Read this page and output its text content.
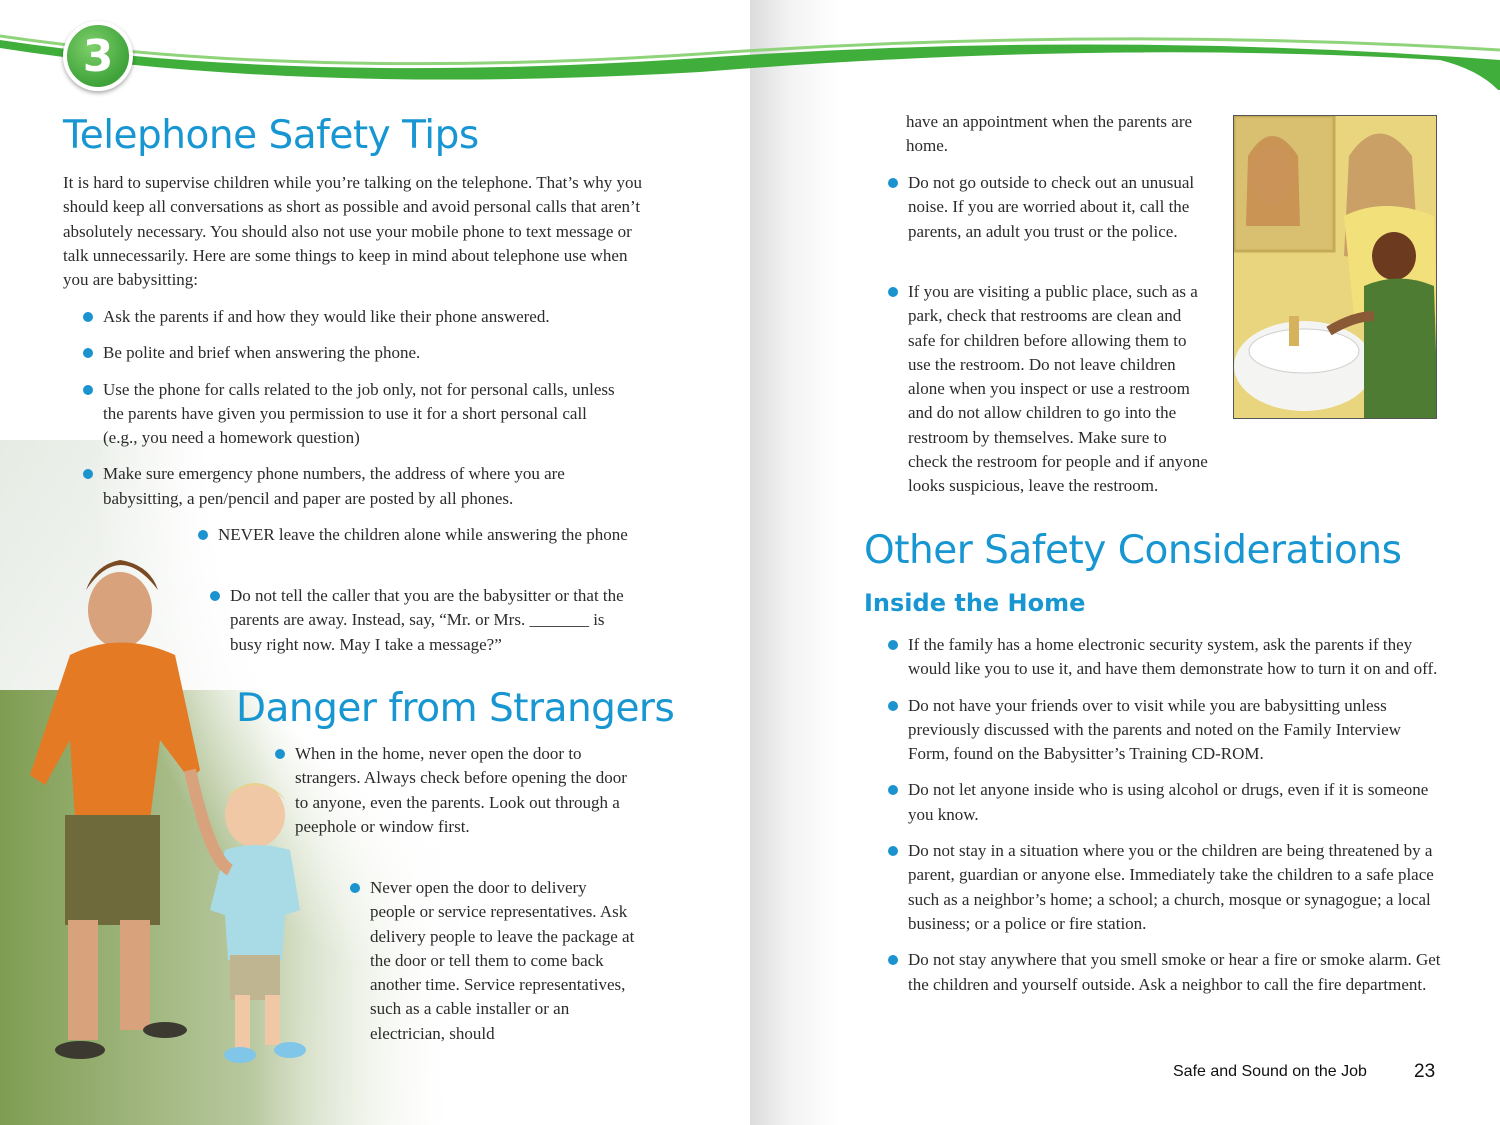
Telephone Safety Tips
It is hard to supervise children while you’re talking on the telephone. That’s why you should keep all conversations as short as possible and avoid personal calls that aren’t absolutely necessary. You should also not use your mobile phone to text message or talk unnecessarily. Here are some things to keep in mind about telephone use when you are babysitting:
Ask the parents if and how they would like their phone answered.
Be polite and brief when answering the phone.
Use the phone for calls related to the job only, not for personal calls, unless the parents have given you permission to use it for a short personal call (e.g., you need a homework question)
Make sure emergency phone numbers, the address of where you are babysitting, a pen/pencil and paper are posted by all phones.
NEVER leave the children alone while answering the phone
Do not tell the caller that you are the babysitter or that the parents are away. Instead, say, “Mr. or Mrs. _______ is busy right now. May I take a message?”
Danger from Strangers
When in the home, never open the door to strangers. Always check before opening the door to anyone, even the parents. Look out through a peephole or window first.
Never open the door to delivery people or service representatives. Ask delivery people to leave the package at the door or tell them to come back another time. Service representatives, such as a cable installer or an electrician, should
3
have an appointment when the parents are home.
Do not go outside to check out an unusual noise. If you are worried about it, call the parents, an adult you trust or the police.
If you are visiting a public place, such as a park, check that restrooms are clean and safe for children before allowing them to use the restroom. Do not leave children alone when you inspect or use a restroom and do not allow children to go into the restroom by themselves. Make sure to check the restroom for people and if anyone looks suspicious, leave the restroom.
Other Safety Considerations
Inside the Home
If the family has a home electronic security system, ask the parents if they would like you to use it, and have them demonstrate how to turn it on and off.
Do not have your friends over to visit while you are babysitting unless previously discussed with the parents and noted on the Family Interview Form, found on the Babysitter’s Training CD-ROM.
Do not let anyone inside who is using alcohol or drugs, even if it is someone you know.
Do not stay in a situation where you or the children are being threatened by a parent, guardian or anyone else. Immediately take the children to a safe place such as a neighbor’s home; a school; a church, mosque or synagogue; a local business; or a police or fire station.
Do not stay anywhere that you smell smoke or hear a fire or smoke alarm. Get the children and yourself outside. Ask a neighbor to call the fire department.
Safe and Sound on the Job 23
